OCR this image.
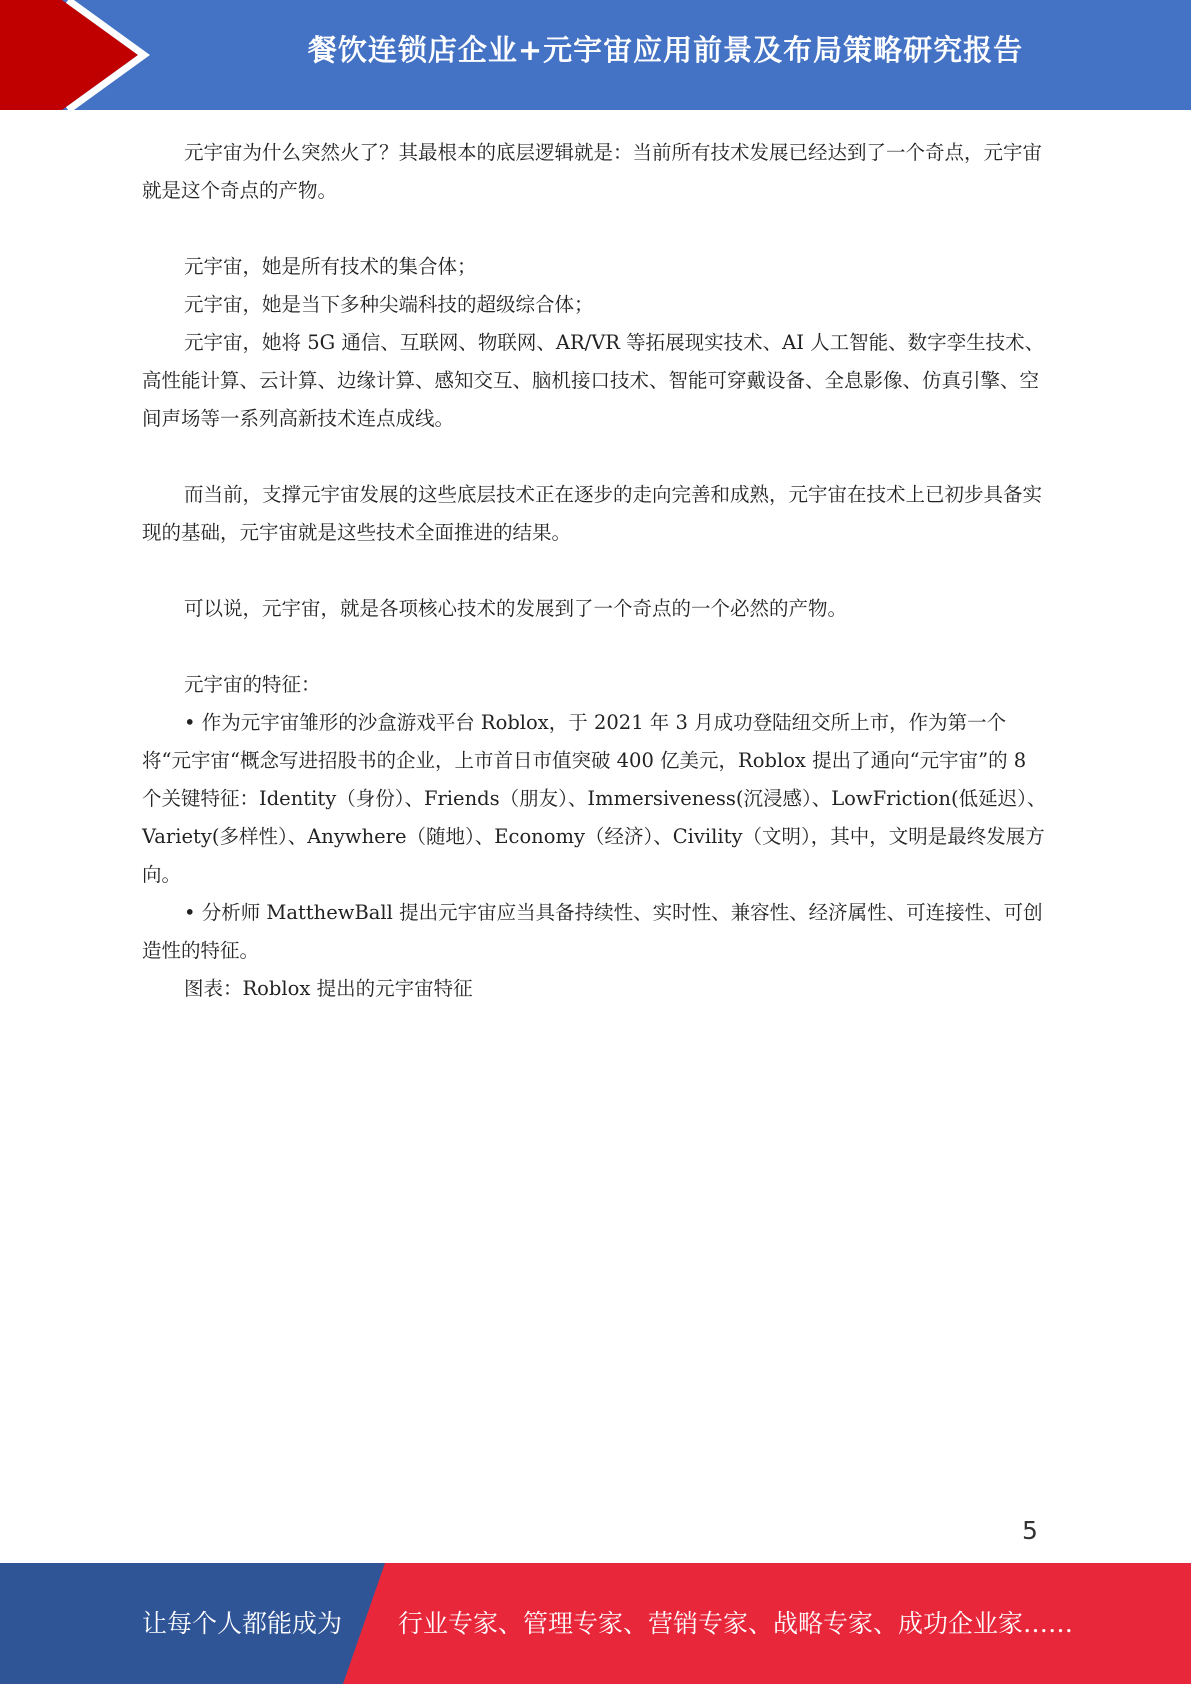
餐饮连锁店企业+元宇宙应用前景及布局策略研究报告

元宇宙为什么突然火了？其最根本的底层逻辑就是：当前所有技术发展已经达到了一个奇点，元宇宙就是这个奇点的产物。

元宇宙，她是所有技术的集合体；

元宇宙，她是当下多种尖端科技的超级综合体；

元宇宙，她将 5G 通信、互联网、物联网、AR/VR 等拓展现实技术、AI 人工智能、数字孪生技术、高性能计算、云计算、边缘计算、感知交互、脑机接口技术、智能可穿戴设备、全息影像、仿真引擎、空间声场等一系列高新技术连点成线。

而当前，支撑元宇宙发展的这些底层技术正在逐步的走向完善和成熟，元宇宙在技术上已初步具备实现的基础，元宇宙就是这些技术全面推进的结果。

可以说，元宇宙，就是各项核心技术的发展到了一个奇点的一个必然的产物。

元宇宙的特征：

• 作为元宇宙雏形的沙盒游戏平台 Roblox，于 2021 年 3 月成功登陆纽交所上市，作为第一个将“元宇宙“概念写进招股书的企业，上市首日市值突破 400 亿美元，Roblox 提出了通向“元宇宙”的 8 个关键特征：Identity（身份）、Friends（朋友）、Immersiveness(沉浸感）、LowFriction(低延迟）、Variety(多样性）、Anywhere（随地）、Economy（经济）、Civility（文明），其中，文明是最终发展方向。

• 分析师 MatthewBall 提出元宇宙应当具备持续性、实时性、兼容性、经济属性、可连接性、可创造性的特征。

图表：Roblox 提出的元宇宙特征

5
让每个人都能成为 行业专家、管理专家、营销专家、战略专家、成功企业家……
